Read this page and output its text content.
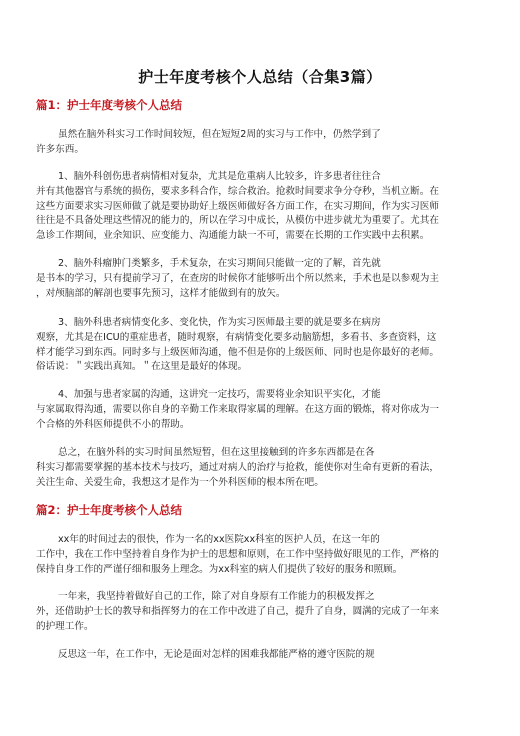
护士年度考核个人总结（合集3篇）
篇1：护士年度考核个人总结
虽然在脑外科实习工作时间较短，但在短短2周的实习与工作中，仍然学到了
许多东西。
1、脑外科创伤患者病情相对复杂，尤其是危重病人比较多，许多患者往往合
并有其他器官与系统的损伤，要求多科合作，综合救治。抢救时间要求争分夺秒，当机立断。在
这些方面要求实习医师做了就是要协助好上级医师做好各方面工作，在实习期间，作为实习医师
往往是不具备处理这些情况的能力的，所以在学习中成长，从模仿中进步就尤为重要了。尤其在
急诊工作期间，业余知识、应变能力、沟通能力缺一不可，需要在长期的工作实践中去积累。
2、脑外科瘤肿门类繁多，手术复杂，在实习期间只能做一定的了解，首先就
是书本的学习，只有提前学习了，在查房的时候你才能够听出个所以然来，手术也是以参观为主
，对颅脑部的解剖也要事先预习，这样才能做到有的放矢。
3、脑外科患者病情变化多、变化快，作为实习医师最主要的就是要多在病房
观察，尤其是在ICU的重症患者，随时观察，有病情变化要多动脑筋想，多看书、多查资料，这
样才能学习到东西。同时多与上级医师沟通，他不但是你的上级医师、同时也是你最好的老师。
俗话说：＂实践出真知。＂在这里是最好的体现。
4、加强与患者家属的沟通，这讲究一定技巧，需要将业余知识平实化，才能
与家属取得沟通，需要以你自身的辛勤工作来取得家属的理解。在这方面的锻炼，将对你成为一
个合格的外科医师提供不小的帮助。
总之，在脑外科的实习时间虽然短暂，但在这里接触到的许多东西都是在各
科实习都需要掌握的基本技术与技巧，通过对病人的治疗与抢救，能使你对生命有更新的看法，
关注生命、关爱生命，我想这才是作为一个外科医师的根本所在吧。
篇2：护士年度考核个人总结
xx年的时间过去的很快，作为一名的xx医院xx科室的医护人员，在这一年的
工作中，我在工作中坚持着自身作为护士的思想和原则，在工作中坚持做好眼见的工作，严格的
保持自身工作的严谨仔细和服务上理念。为xx科室的病人们提供了较好的服务和照顾。
一年来，我坚持着做好自己的工作，除了对自身原有工作能力的积极发挥之
外，还借助护士长的教导和指挥努力的在工作中改进了自己，提升了自身，圆满的完成了一年来
的护理工作。
反思这一年，在工作中，无论是面对怎样的困难我都能严格的遵守医院的规
